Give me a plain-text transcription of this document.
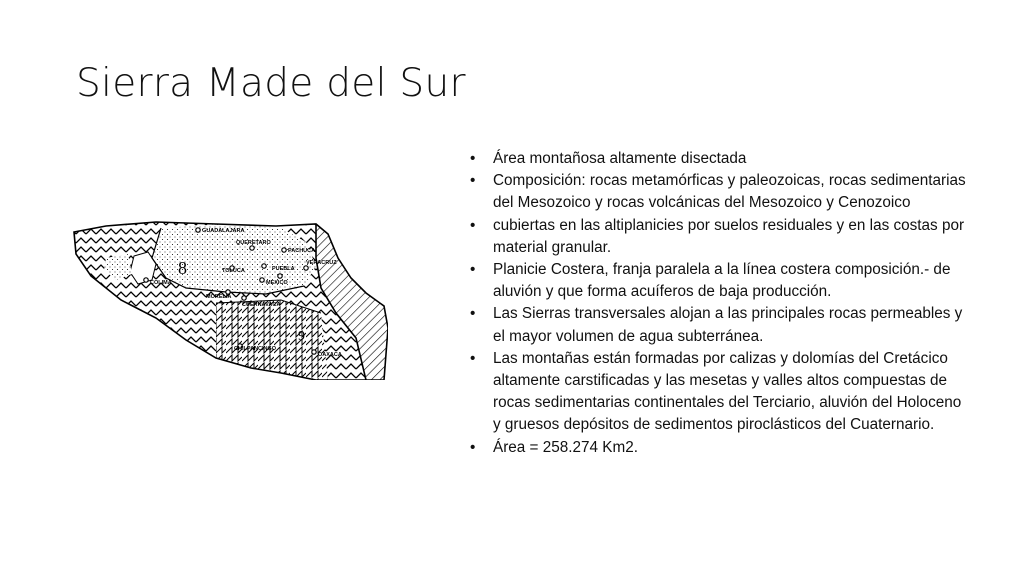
Sierra Made del Sur
8
9
GUADALAJARA
QUERETARO
PACHUCA
COLIMA
TOLUCA
MEXICO
PUEBLA
VERACRUZ
MORELIA
CUERNAVACA
CHILPANCINGO
OAXACA
• Área montañosa altamente disectada
• Composición: rocas metamórficas y paleozoicas, rocas sedimentarias del Mesozoico y rocas volcánicas del Mesozoico y Cenozoico
• cubiertas en las altiplanicies por suelos residuales y en las costas por material granular.
• Planicie Costera, franja paralela a la línea costera composición.- de aluvión y que forma acuíferos de baja producción.
• Las Sierras transversales alojan a las principales rocas permeables y el mayor volumen de agua subterránea.
• Las montañas están formadas por calizas y dolomías del Cretácico altamente carstificadas y las mesetas y valles altos compuestas de rocas sedimentarias continentales del Terciario, aluvión del Holoceno y gruesos depósitos de sedimentos piroclásticos del Cuaternario.
• Área = 258.274 Km2.
